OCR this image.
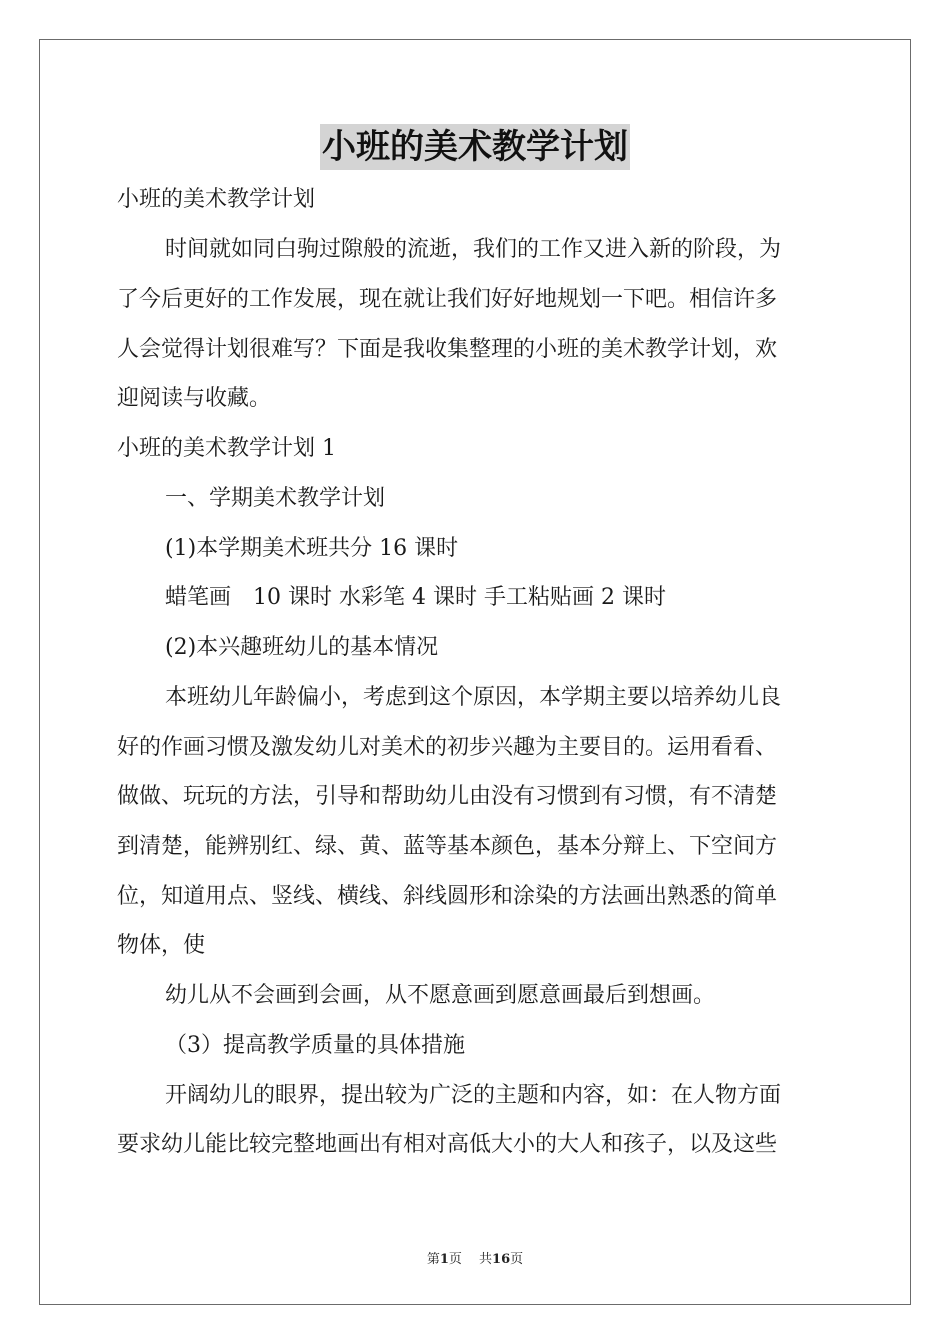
小班的美术教学计划
小班的美术教学计划
时间就如同白驹过隙般的流逝，我们的工作又进入新的阶段，为
了今后更好的工作发展，现在就让我们好好地规划一下吧。相信许多
人会觉得计划很难写？下面是我收集整理的小班的美术教学计划，欢
迎阅读与收藏。
小班的美术教学计划 1
一、学期美术教学计划
(1)本学期美术班共分 16 课时
蜡笔画　10 课时 水彩笔 4 课时 手工粘贴画 2 课时
(2)本兴趣班幼儿的基本情况
本班幼儿年龄偏小，考虑到这个原因，本学期主要以培养幼儿良
好的作画习惯及激发幼儿对美术的初步兴趣为主要目的。运用看看、
做做、玩玩的方法，引导和帮助幼儿由没有习惯到有习惯，有不清楚
到清楚，能辨别红、绿、黄、蓝等基本颜色，基本分辩上、下空间方
位，知道用点、竖线、横线、斜线圆形和涂染的方法画出熟悉的简单
物体，使
幼儿从不会画到会画，从不愿意画到愿意画最后到想画。
（3）提高教学质量的具体措施
开阔幼儿的眼界，提出较为广泛的主题和内容，如：在人物方面
要求幼儿能比较完整地画出有相对高低大小的大人和孩子，以及这些
第1页　 共16页
